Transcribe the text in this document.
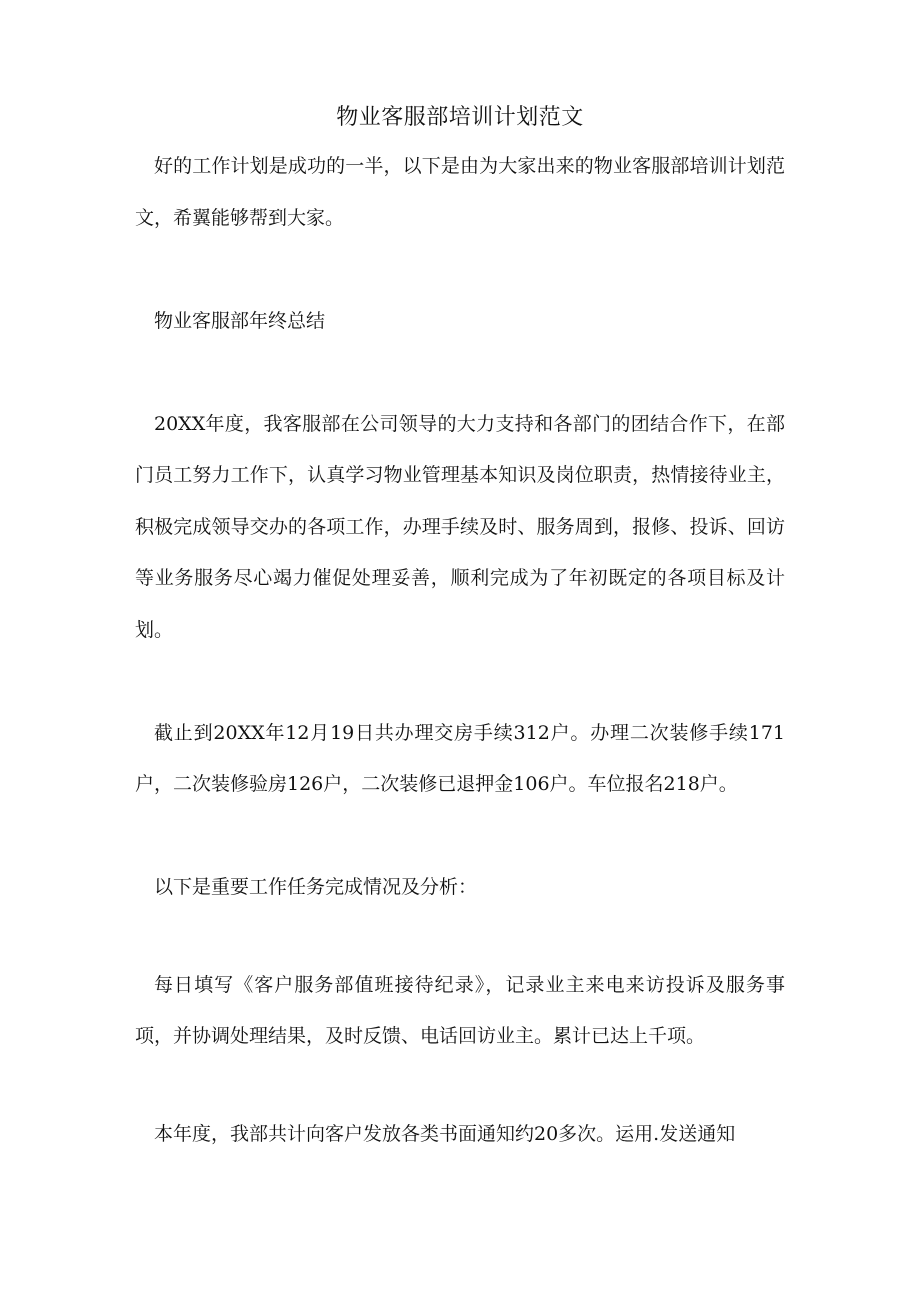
物业客服部培训计划范文

好的工作计划是成功的一半，以下是由为大家出来的物业客服部培训计划范文，希翼能够帮到大家。

物业客服部年终总结

20XX年度，我客服部在公司领导的大力支持和各部门的团结合作下，在部门员工努力工作下，认真学习物业管理基本知识及岗位职责，热情接待业主，积极完成领导交办的各项工作，办理手续及时、服务周到，报修、投诉、回访等业务服务尽心竭力催促处理妥善，顺利完成为了年初既定的各项目标及计划。

截止到20XX年12月19日共办理交房手续312户。办理二次装修手续171户，二次装修验房126户，二次装修已退押金106户。车位报名218户。

以下是重要工作任务完成情况及分析：

每日填写《客户服务部值班接待纪录》，记录业主来电来访投诉及服务事项，并协调处理结果，及时反馈、电话回访业主。累计已达上千项。

本年度，我部共计向客户发放各类书面通知约20多次。运用.发送通知
